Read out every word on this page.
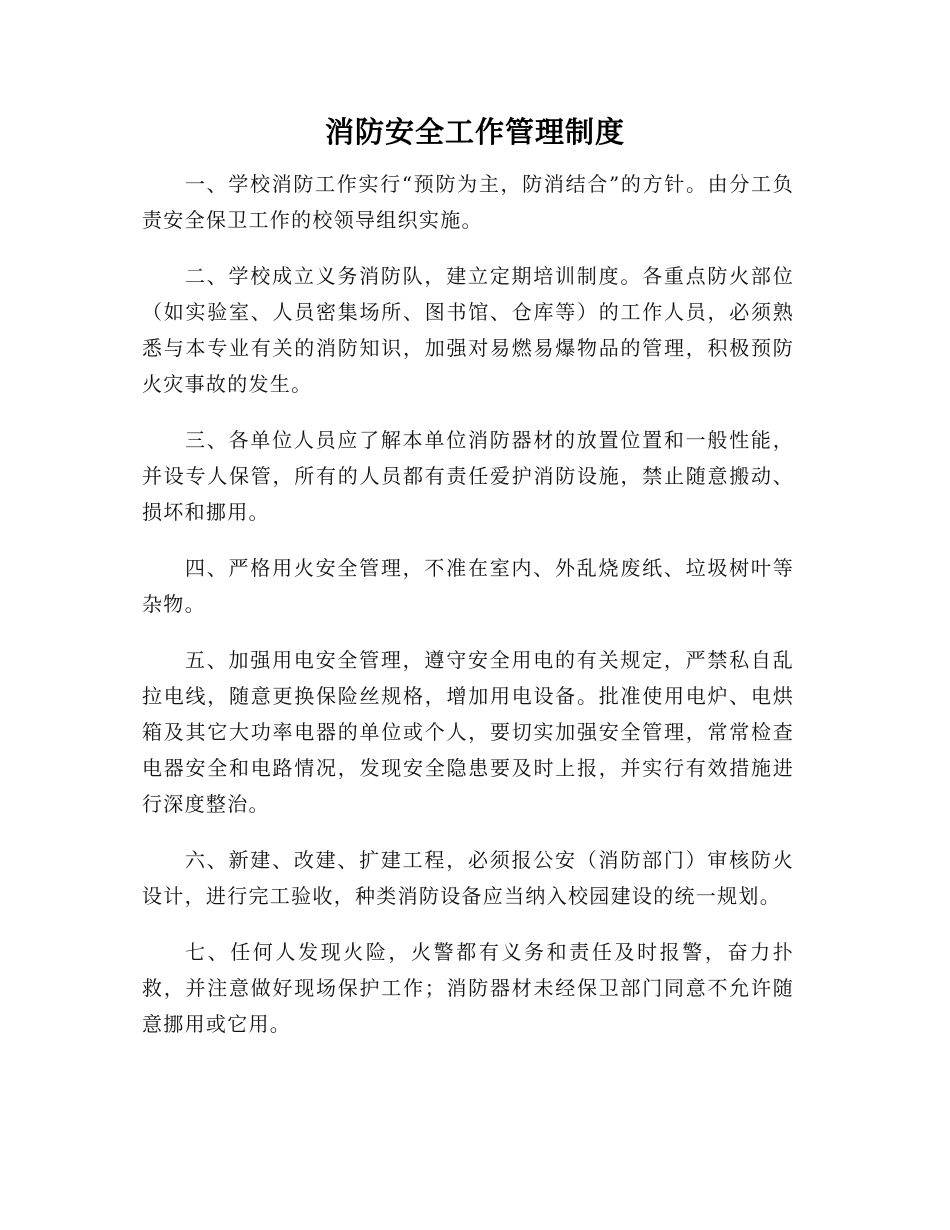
消防安全工作管理制度

一、学校消防工作实行“预防为主，防消结合”的方针。由分工负责安全保卫工作的校领导组织实施。

二、学校成立义务消防队，建立定期培训制度。各重点防火部位（如实验室、人员密集场所、图书馆、仓库等）的工作人员，必须熟悉与本专业有关的消防知识，加强对易燃易爆物品的管理，积极预防火灾事故的发生。

三、各单位人员应了解本单位消防器材的放置位置和一般性能，并设专人保管，所有的人员都有责任爱护消防设施，禁止随意搬动、损坏和挪用。

四、严格用火安全管理，不准在室内、外乱烧废纸、垃圾树叶等杂物。

五、加强用电安全管理，遵守安全用电的有关规定，严禁私自乱拉电线，随意更换保险丝规格，增加用电设备。批准使用电炉、电烘箱及其它大功率电器的单位或个人，要切实加强安全管理，常常检查电器安全和电路情况，发现安全隐患要及时上报，并实行有效措施进行深度整治。

六、新建、改建、扩建工程，必须报公安（消防部门）审核防火设计，进行完工验收，种类消防设备应当纳入校园建设的统一规划。

七、任何人发现火险，火警都有义务和责任及时报警，奋力扑救，并注意做好现场保护工作；消防器材未经保卫部门同意不允许随意挪用或它用。
